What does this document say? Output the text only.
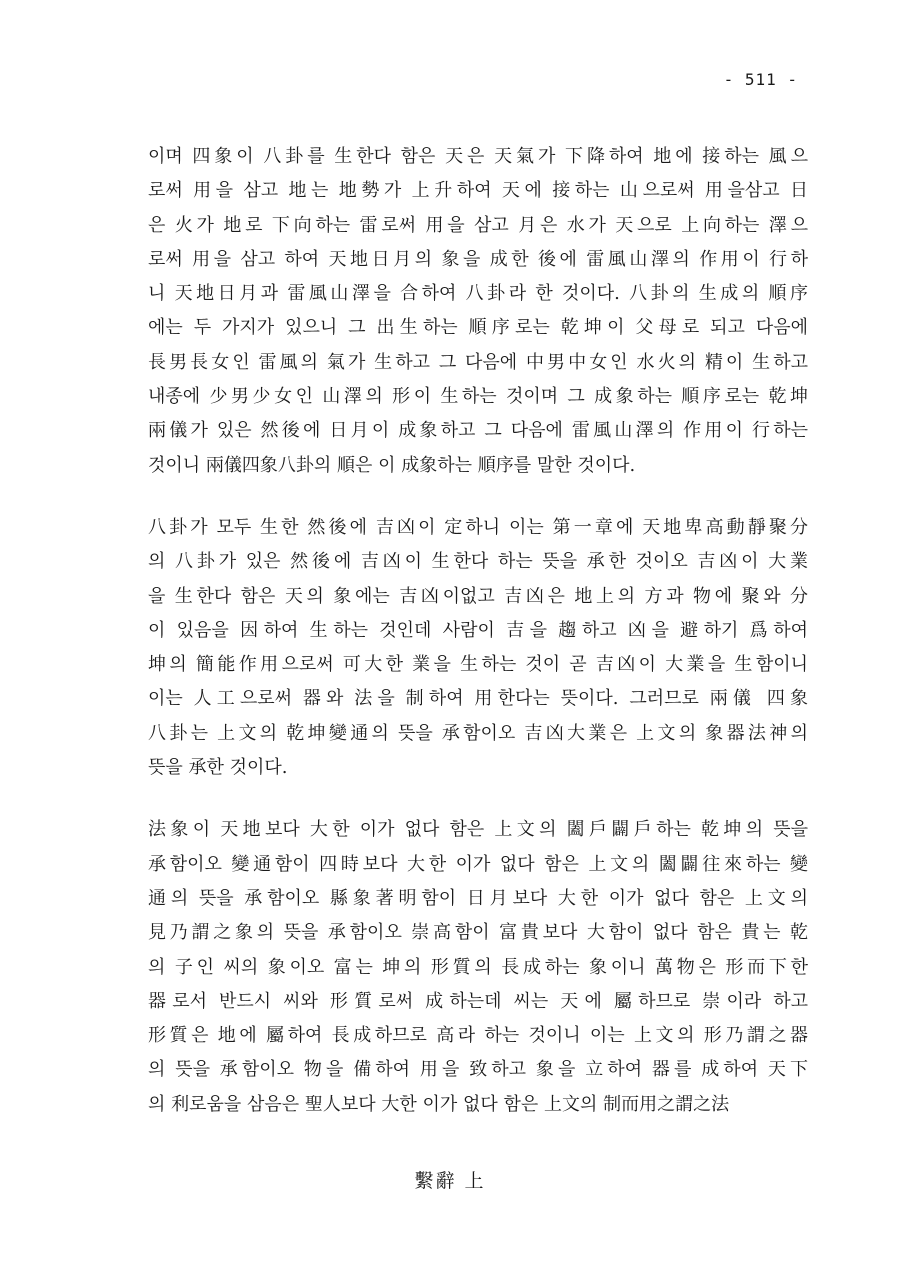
- 511 -
이며 四象이 八卦를 生한다 함은 天은 天氣가 下降하여 地에 接하는 風으
로써 用을 삼고 地는 地勢가 上升하여 天에 接하는 山으로써 用을삼고 日
은 火가 地로 下向하는 雷로써 用을 삼고 月은 水가 天으로 上向하는 澤으
로써 用을 삼고 하여 天地日月의 象을 成한 後에 雷風山澤의 作用이 行하
니 天地日月과 雷風山澤을 合하여 八卦라 한 것이다. 八卦의 生成의 順序
에는 두 가지가 있으니 그 出生하는 順序로는 乾坤이 父母로 되고 다음에
長男長女인 雷風의 氣가 生하고 그 다음에 中男中女인 水火의 精이 生하고
내종에 少男少女인 山澤의 形이 生하는 것이며 그 成象하는 順序로는 乾坤
兩儀가 있은 然後에 日月이 成象하고 그 다음에 雷風山澤의 作用이 行하는
것이니 兩儀四象八卦의 順은 이 成象하는 順序를 말한 것이다.
八卦가 모두 生한 然後에 吉凶이 定하니 이는 第一章에 天地卑高動靜聚分
의 八卦가 있은 然後에 吉凶이 生한다 하는 뜻을 承한 것이오 吉凶이 大業
을 生한다 함은 天의 象에는 吉凶이없고 吉凶은 地上의 方과 物에 聚와 分
이 있음을 因하여 生하는 것인데 사람이 吉을 趨하고 凶을 避하기 爲하여
坤의 簡能作用으로써 可大한 業을 生하는 것이 곧 吉凶이 大業을 生함이니
이는 人工으로써 器와 法을 制하여 用한다는 뜻이다. 그러므로 兩儀 四象
八卦는 上文의 乾坤變通의 뜻을 承함이오 吉凶大業은 上文의 象器法神의
뜻을 承한 것이다.
法象이 天地보다 大한 이가 없다 함은 上文의 闔戶闢戶하는 乾坤의 뜻을
承함이오 變通함이 四時보다 大한 이가 없다 함은 上文의 闔闢往來하는 變
通의 뜻을 承함이오 縣象著明함이 日月보다 大한 이가 없다 함은 上文의
見乃謂之象의 뜻을 承함이오 崇高함이 富貴보다 大함이 없다 함은 貴는 乾
의 子인 씨의 象이오 富는 坤의 形質의 長成하는 象이니 萬物은 形而下한
器로서 반드시 씨와 形質로써 成하는데 씨는 天에 屬하므로 崇이라 하고
形質은 地에 屬하여 長成하므로 高라 하는 것이니 이는 上文의 形乃謂之器
의 뜻을 承함이오 物을 備하여 用을 致하고 象을 立하여 器를 成하여 天下
의 利로움을 삼음은 聖人보다 大한 이가 없다 함은 上文의 制而用之謂之法
繫辭 上
